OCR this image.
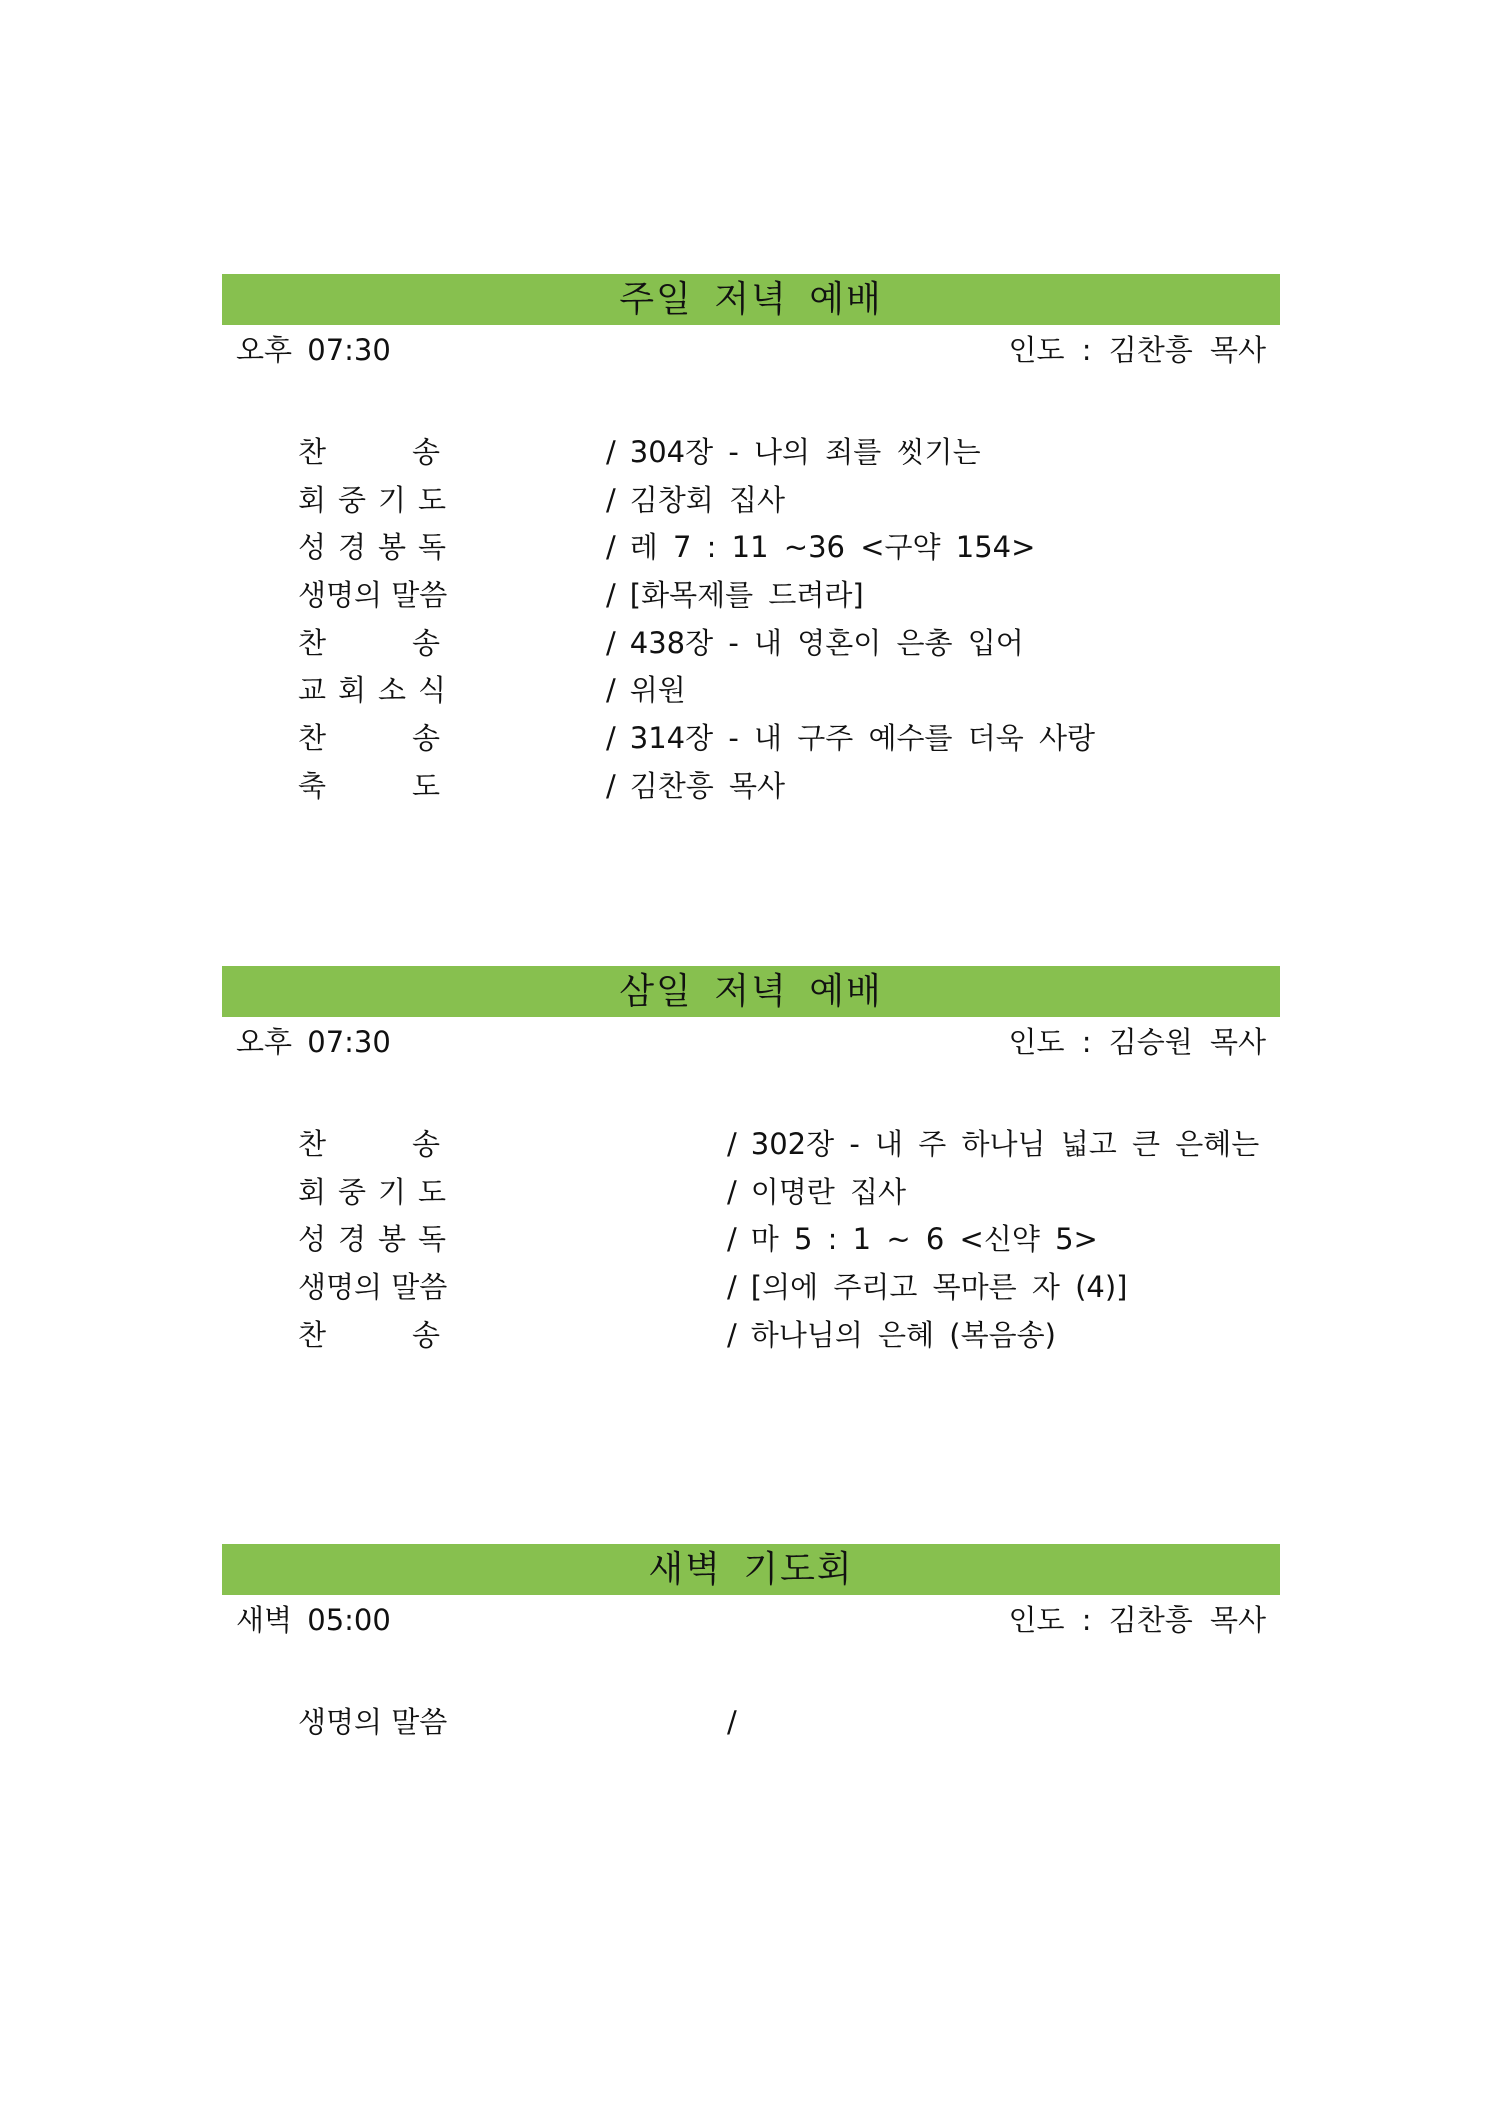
주일 저녁 예배
오후 07:30	인도 : 김찬흥 목사
찬송	/ 304장 - 나의 죄를 씻기는
회중기도	/ 김창회 집사
성경봉독	/ 레 7 : 11 ~36 <구약 154>
생명의 말씀	/ [화목제를 드려라]
찬송	/ 438장 - 내 영혼이 은총 입어
교회소식	/ 위원
찬송	/ 314장 - 내 구주 예수를 더욱 사랑
축도	/ 김찬흥 목사
삼일 저녁 예배
오후 07:30	인도 : 김승원 목사
찬송	/ 302장 - 내 주 하나님 넓고 큰 은혜는
회중기도	/ 이명란 집사
성경봉독	/ 마 5 : 1 ~ 6 <신약 5>
생명의 말씀	/ [의에 주리고 목마른 자 (4)]
찬송	/ 하나님의 은혜 (복음송)
새벽 기도회
새벽 05:00	인도 : 김찬흥 목사
생명의 말씀	/
